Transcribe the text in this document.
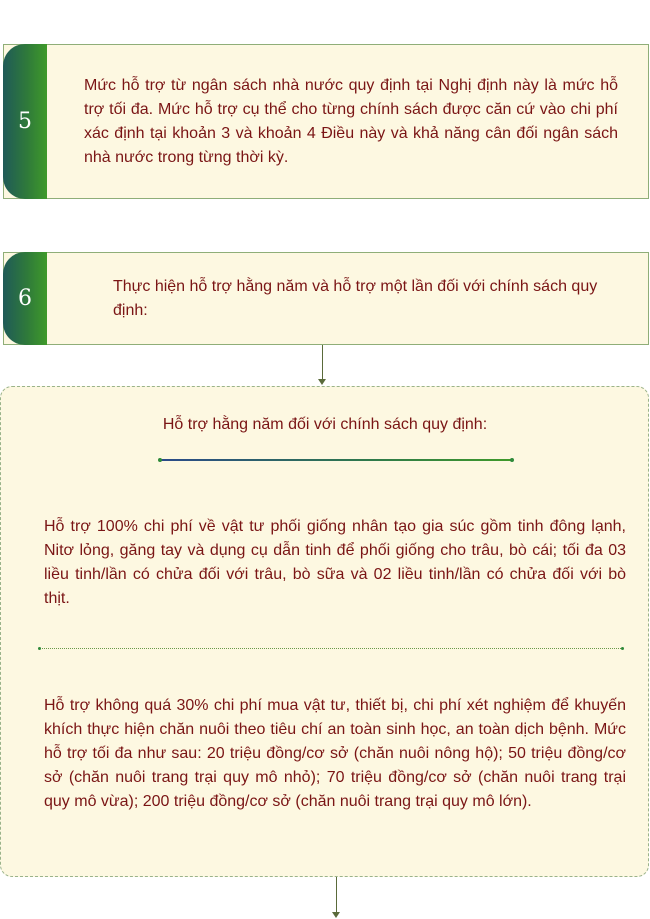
5
Mức hỗ trợ từ ngân sách nhà nước quy định tại Nghị định này là mức hỗ trợ tối đa. Mức hỗ trợ cụ thể cho từng chính sách được căn cứ vào chi phí xác định tại khoản 3 và khoản 4 Điều này và khả năng cân đối ngân sách nhà nước trong từng thời kỳ.
6	Thực hiện hỗ trợ hằng năm và hỗ trợ một lần đối với chính sách quy định:
Hỗ trợ hằng năm đối với chính sách quy định:
Hỗ trợ 100% chi phí về vật tư phối giống nhân tạo gia súc gồm tinh đông lạnh, Nitơ lỏng, găng tay và dụng cụ dẫn tinh để phối giống cho trâu, bò cái; tối đa 03 liều tinh/lần có chửa đối với trâu, bò sữa và 02 liều tinh/lần có chửa đối với bò thịt.
Hỗ trợ không quá 30% chi phí mua vật tư, thiết bị, chi phí xét nghiệm để khuyến khích thực hiện chăn nuôi theo tiêu chí an toàn sinh học, an toàn dịch bệnh. Mức hỗ trợ tối đa như sau: 20 triệu đồng/cơ sở (chăn nuôi nông hộ); 50 triệu đồng/cơ sở (chăn nuôi trang trại quy mô nhỏ); 70 triệu đồng/cơ sở (chăn nuôi trang trại quy mô vừa); 200 triệu đồng/cơ sở (chăn nuôi trang trại quy mô lớn).
